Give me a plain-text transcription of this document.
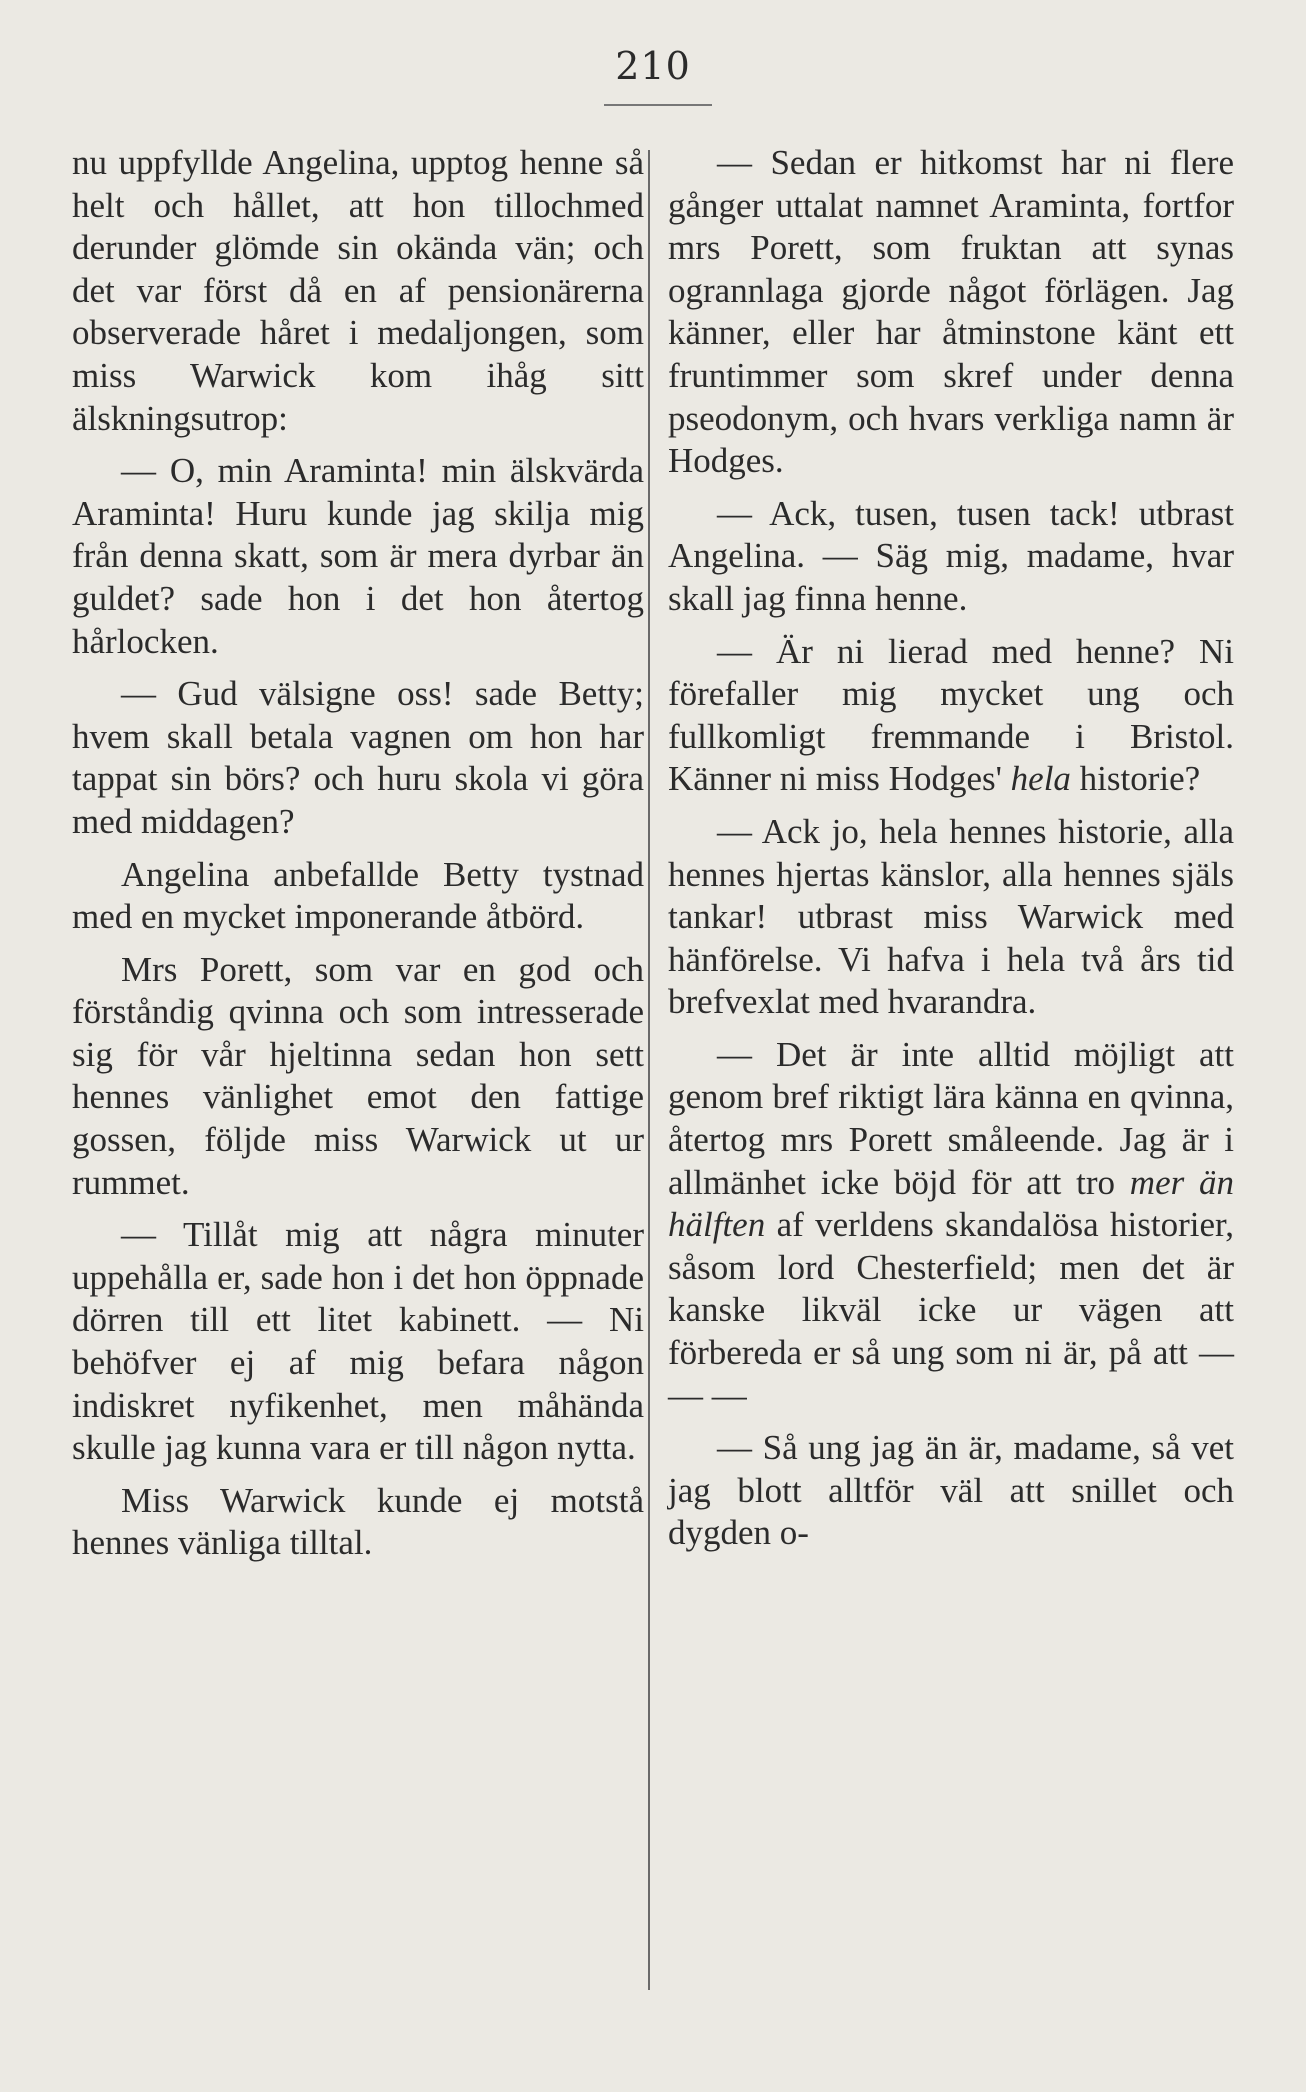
210

nu uppfyllde Angelina, upptog henne så helt och hållet, att hon tillochmed derunder glömde sin okända vän; och det var först då en af pensionärerna observerade håret i medaljongen, som miss Warwick kom ihåg sitt älskningsutrop:

— O, min Araminta! min älskvärda Araminta! Huru kunde jag skilja mig från denna skatt, som är mera dyrbar än guldet? sade hon i det hon återtog hårlocken.

— Gud välsigne oss! sade Betty; hvem skall betala vagnen om hon har tappat sin börs? och huru skola vi göra med middagen?

Angelina anbefallde Betty tystnad med en mycket imponerande åtbörd.

Mrs Porett, som var en god och förståndig qvinna och som intresserade sig för vår hjeltinna sedan hon sett hennes vänlighet emot den fattige gossen, följde miss Warwick ut ur rummet.

— Tillåt mig att några minuter uppehålla er, sade hon i det hon öppnade dörren till ett litet kabinett. — Ni behöfver ej af mig befara någon indiskret nyfikenhet, men måhända skulle jag kunna vara er till någon nytta.

Miss Warwick kunde ej motstå hennes vänliga tilltal.

— Sedan er hitkomst har ni flere gånger uttalat namnet Araminta, fortfor mrs Porett, som fruktan att synas ogrannlaga gjorde något förlägen. Jag känner, eller har åtminstone känt ett fruntimmer som skref under denna pseodonym, och hvars verkliga namn är Hodges.

— Ack, tusen, tusen tack! utbrast Angelina. — Säg mig, madame, hvar skall jag finna henne.

— Är ni lierad med henne? Ni förefaller mig mycket ung och fullkomligt fremmande i Bristol. Känner ni miss Hodges' hela historie?

— Ack jo, hela hennes historie, alla hennes hjertas känslor, alla hennes själs tankar! utbrast miss Warwick med hänförelse. Vi hafva i hela två års tid brefvexlat med hvarandra.

— Det är inte alltid möjligt att genom bref riktigt lära känna en qvinna, återtog mrs Porett småleende. Jag är i allmänhet icke böjd för att tro mer än hälften af verldens skandalösa historier, såsom lord Chesterfield; men det är kanske likväl icke ur vägen att förbereda er så ung som ni är, på att — — —

— Så ung jag än är, madame, så vet jag blott alltför väl att snillet och dygden o-
